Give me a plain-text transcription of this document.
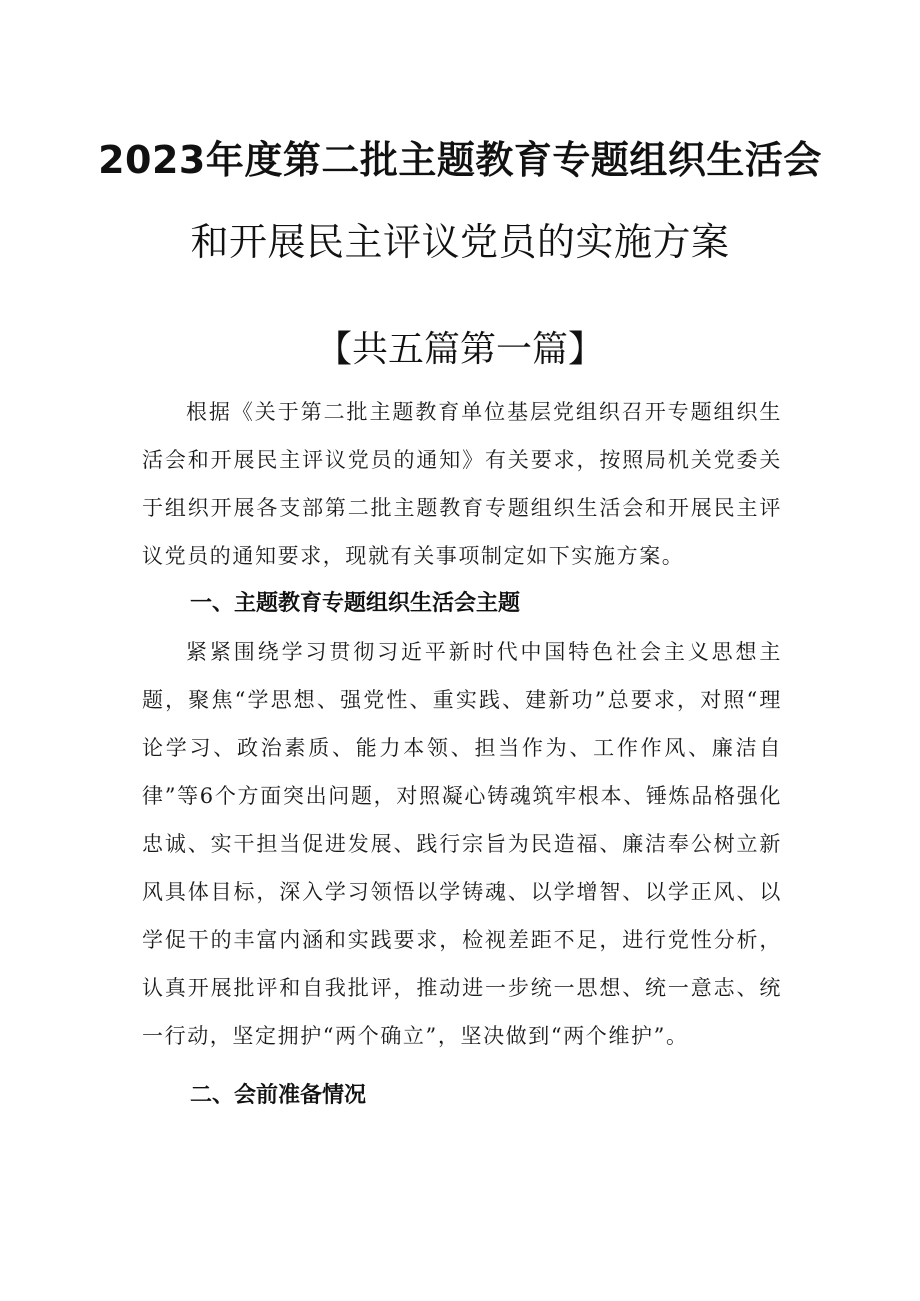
2023年度第二批主题教育专题组织生活会
和开展民主评议党员的实施方案
【共五篇第一篇】

根据《关于第二批主题教育单位基层党组织召开专题组织生活会和开展民主评议党员的通知》有关要求，按照局机关党委关于组织开展各支部第二批主题教育专题组织生活会和开展民主评议党员的通知要求，现就有关事项制定如下实施方案。

一、主题教育专题组织生活会主题

紧紧围绕学习贯彻习近平新时代中国特色社会主义思想主题，聚焦“学思想、强党性、重实践、建新功”总要求，对照“理论学习、政治素质、能力本领、担当作为、工作作风、廉洁自律”等6个方面突出问题，对照凝心铸魂筑牢根本、锤炼品格强化忠诚、实干担当促进发展、践行宗旨为民造福、廉洁奉公树立新风具体目标，深入学习领悟以学铸魂、以学增智、以学正风、以学促干的丰富内涵和实践要求，检视差距不足，进行党性分析，认真开展批评和自我批评，推动进一步统一思想、统一意志、统一行动，坚定拥护“两个确立”，坚决做到“两个维护”。

二、会前准备情况
